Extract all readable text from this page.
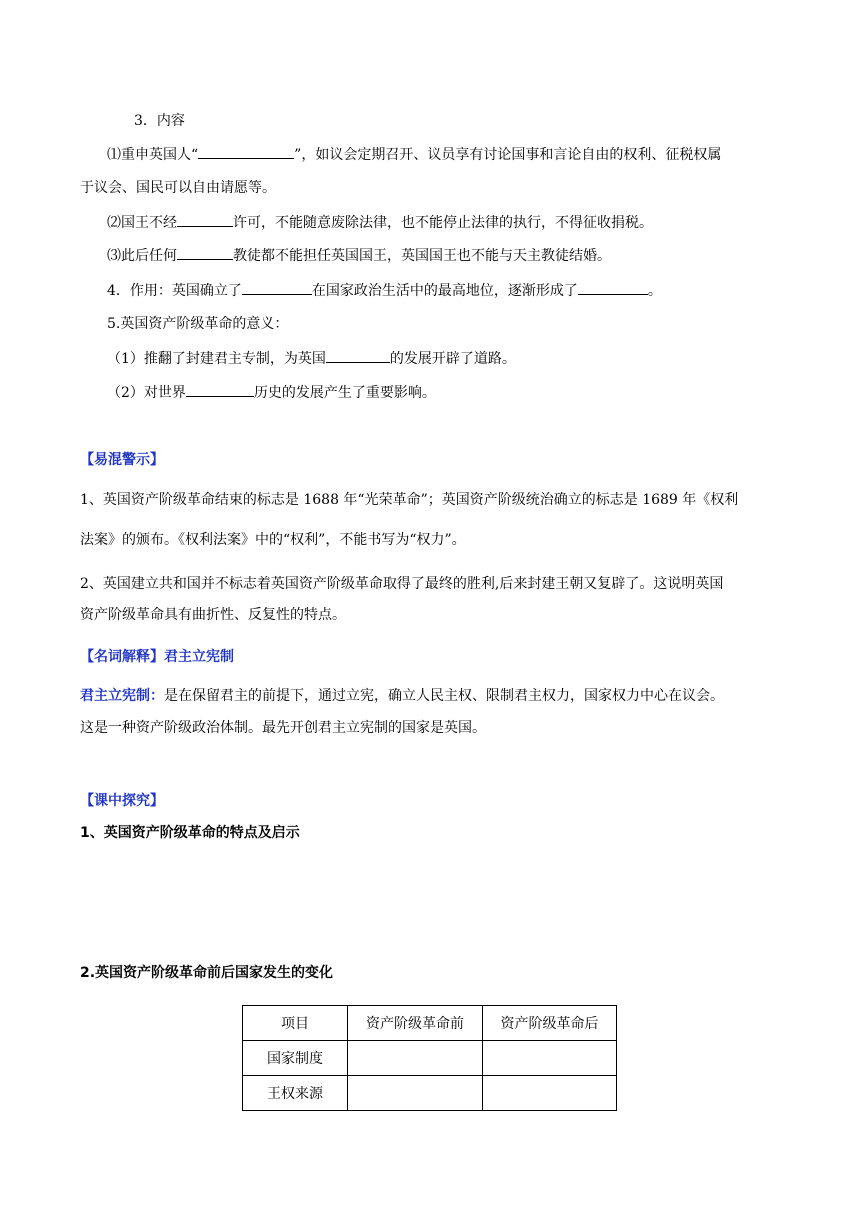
3．内容
⑴重申英国人“	”，如议会定期召开、议员享有讨论国事和言论自由的权利、征税权属
于议会、国民可以自由请愿等。
⑵国王不经	许可，不能随意废除法律，也不能停止法律的执行，不得征收捐税。
⑶此后任何	教徒都不能担任英国国王，英国国王也不能与天主教徒结婚。
4．作用：英国确立了	在国家政治生活中的最高地位，逐渐形成了	。
5.英国资产阶级革命的意义：
（1）推翻了封建君主专制，为英国	的发展开辟了道路。
（2）对世界	历史的发展产生了重要影响。
【易混警示】
1、英国资产阶级革命结束的标志是 1688 年“光荣革命”；英国资产阶级统治确立的标志是 1689 年《权利
法案》的颁布。《权利法案》中的“权利”，不能书写为“权力”。
2、英国建立共和国并不标志着英国资产阶级革命取得了最终的胜利,后来封建王朝又复辟了。这说明英国
资产阶级革命具有曲折性、反复性的特点。
【名词解释】君主立宪制
君主立宪制：是在保留君主的前提下，通过立宪，确立人民主权、限制君主权力，国家权力中心在议会。
这是一种资产阶级政治体制。最先开创君主立宪制的国家是英国。
【课中探究】
1、英国资产阶级革命的特点及启示
2.英国资产阶级革命前后国家发生的变化
项目	资产阶级革命前	资产阶级革命后
国家制度		
王权来源		
